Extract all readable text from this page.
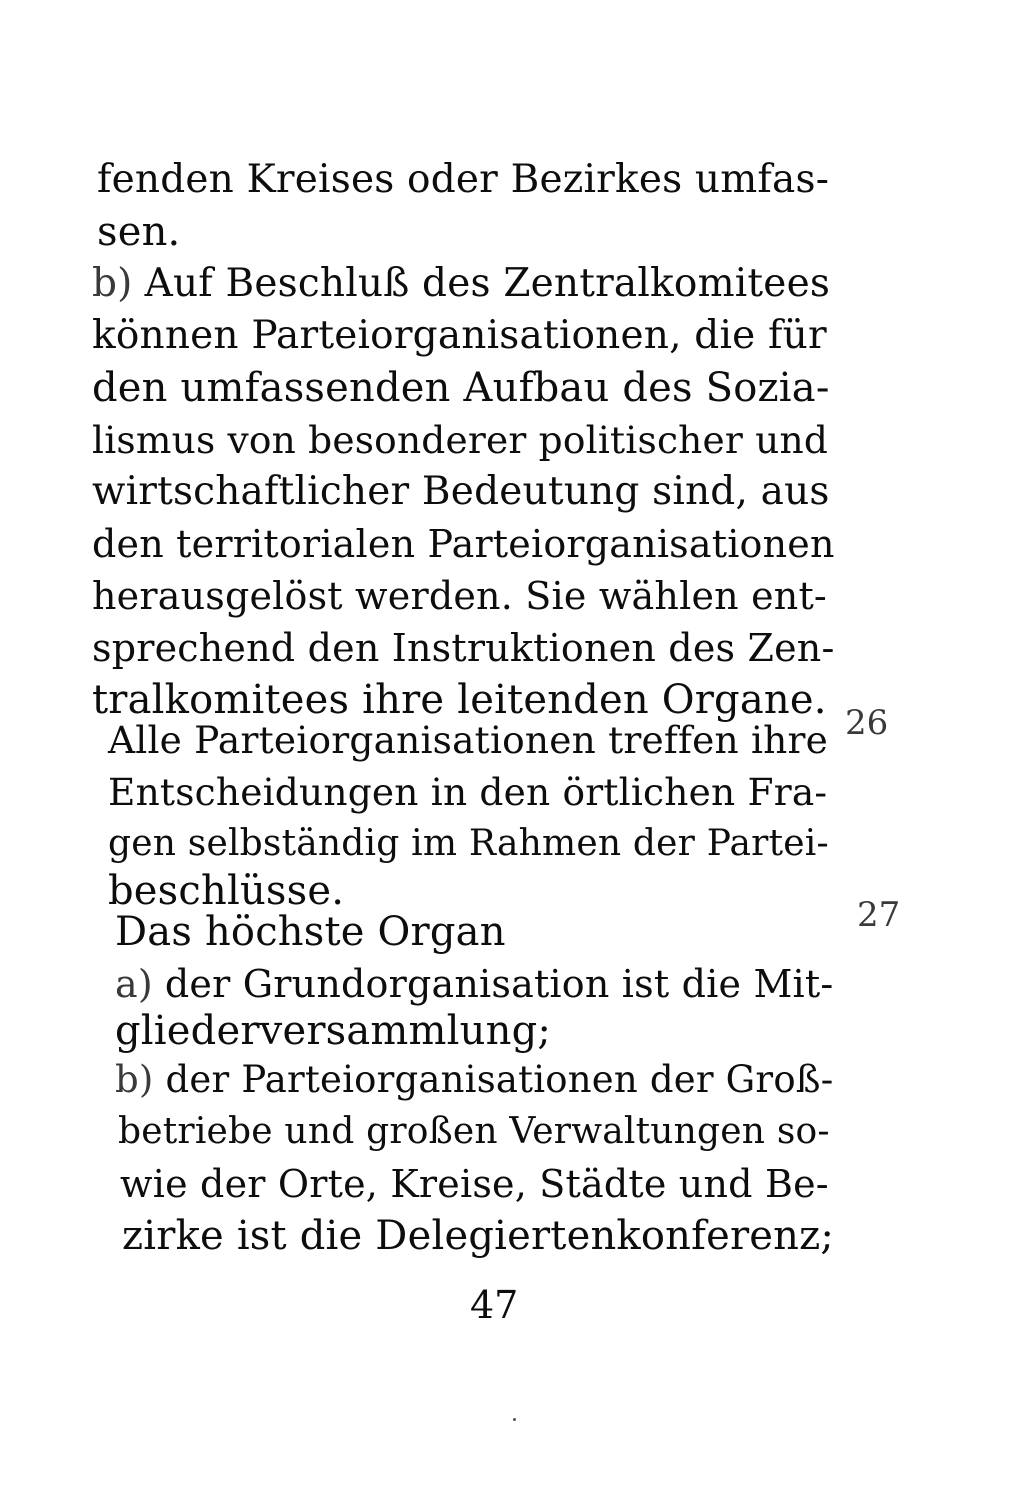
fenden Kreises oder Bezirkes umfas-
sen.
b) Auf Beschluß des Zentralkomitees
können Parteiorganisationen, die für
den umfassenden Aufbau des Sozia-
lismus von besonderer politischer und
wirtschaftlicher Bedeutung sind, aus
den territorialen Parteiorganisationen
herausgelöst werden. Sie wählen ent-
sprechend den Instruktionen des Zen-
tralkomitees ihre leitenden Organe. 26
Alle Parteiorganisationen treffen ihre
Entscheidungen in den örtlichen Fra-
gen selbständig im Rahmen der Partei-
beschlüsse.
27
Das höchste Organ
a) der Grundorganisation ist die Mit-
gliederversammlung;
b) der Parteiorganisationen der Groß-
betriebe und großen Verwaltungen so-
wie der Orte, Kreise, Städte und Be-
zirke ist die Delegiertenkonferenz;
47
